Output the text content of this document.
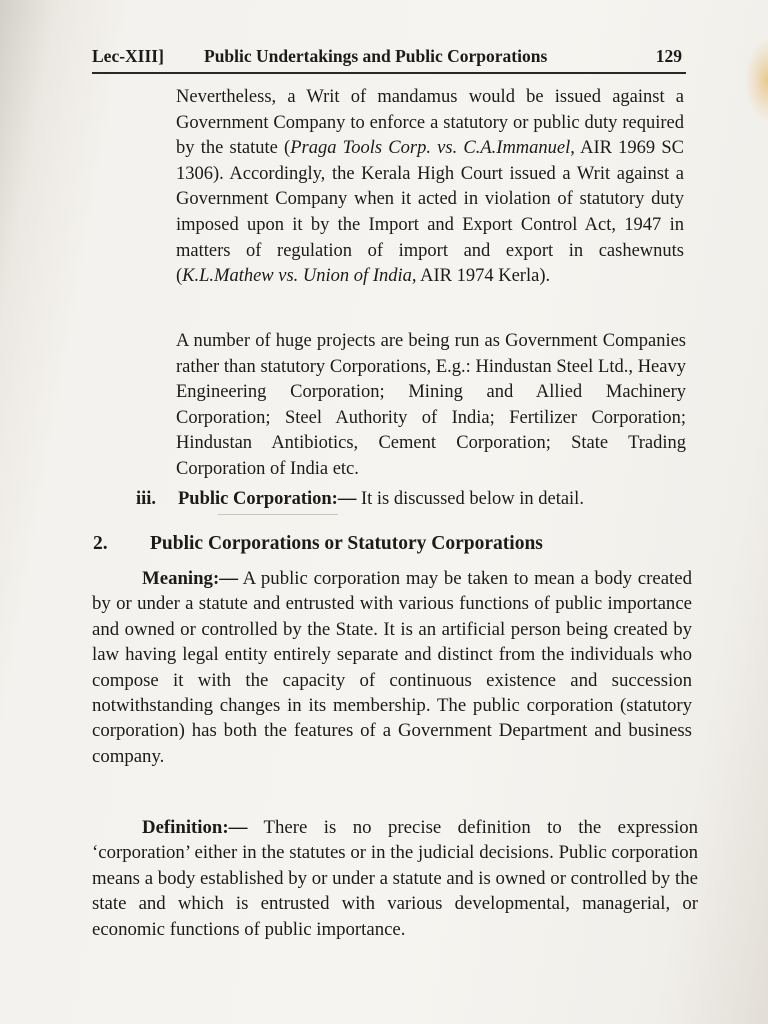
Lec-XIII] Public Undertakings and Public Corporations	129

Nevertheless, a Writ of mandamus would be issued against a Government Company to enforce a statutory or public duty required by the statute (Praga Tools Corp. vs. C.A.Immanuel, AIR 1969 SC 1306). Accordingly, the Kerala High Court issued a Writ against a Government Company when it acted in violation of statutory duty imposed upon it by the Import and Export Control Act, 1947 in matters of regulation of import and export in cashewnuts (K.L.Mathew vs. Union of India, AIR 1974 Kerla).

A number of huge projects are being run as Government Companies rather than statutory Corporations, E.g.: Hindustan Steel Ltd., Heavy Engineering Corporation; Mining and Allied Machinery Corporation; Steel Authority of India; Fertilizer Corporation; Hindustan Antibiotics, Cement Corporation; State Trading Corporation of India etc.

iii. Public Corporation:— It is discussed below in detail.
2. Public Corporations or Statutory Corporations

Meaning:— A public corporation may be taken to mean a body created by or under a statute and entrusted with various functions of public importance and owned or controlled by the State. It is an artificial person being created by law having legal entity entirely separate and distinct from the individuals who compose it with the capacity of continuous existence and succession notwithstanding changes in its membership. The public corporation (statutory corporation) has both the features of a Government Department and business company.

Definition:— There is no precise definition to the expression ‘corporation’ either in the statutes or in the judicial decisions. Public corporation means a body established by or under a statute and is owned or controlled by the state and which is entrusted with various developmental, managerial, or economic functions of public importance.
